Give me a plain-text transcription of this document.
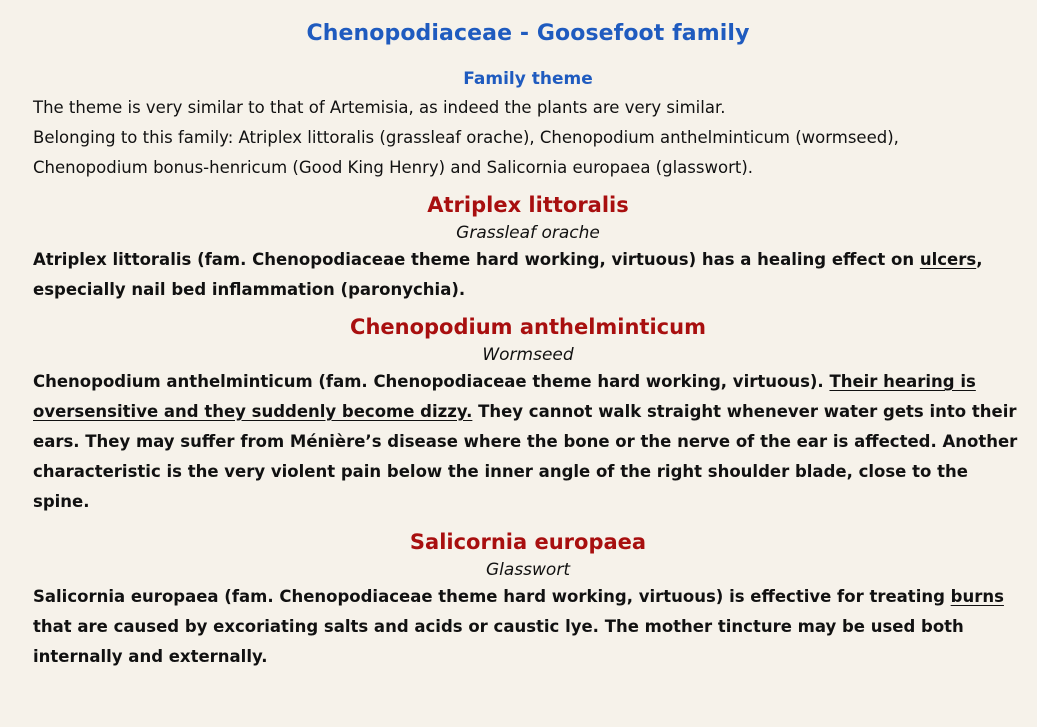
Chenopodiaceae - Goosefoot family
Family theme

The theme is very similar to that of Artemisia, as indeed the plants are very similar.

Belonging to this family: Atriplex littoralis (grassleaf orache), Chenopodium anthelminticum (wormseed),

Chenopodium bonus-henricum (Good King Henry) and Salicornia europaea (glasswort).

Atriplex littoralis
Grassleaf orache

Atriplex littoralis (fam. Chenopodiaceae theme hard working, virtuous) has a healing effect on ulcers, especially nail bed inflammation (paronychia).

Chenopodium anthelminticum
Wormseed

Chenopodium anthelminticum (fam. Chenopodiaceae theme hard working, virtuous). Their hearing is oversensitive and they suddenly become dizzy. They cannot walk straight whenever water gets into their ears. They may suffer from Ménière’s disease where the bone or the nerve of the ear is affected. Another characteristic is the very violent pain below the inner angle of the right shoulder blade, close to the spine.

Salicornia europaea
Glasswort

Salicornia europaea (fam. Chenopodiaceae theme hard working, virtuous) is effective for treating burns that are caused by excoriating salts and acids or caustic lye. The mother tincture may be used both internally and externally.
